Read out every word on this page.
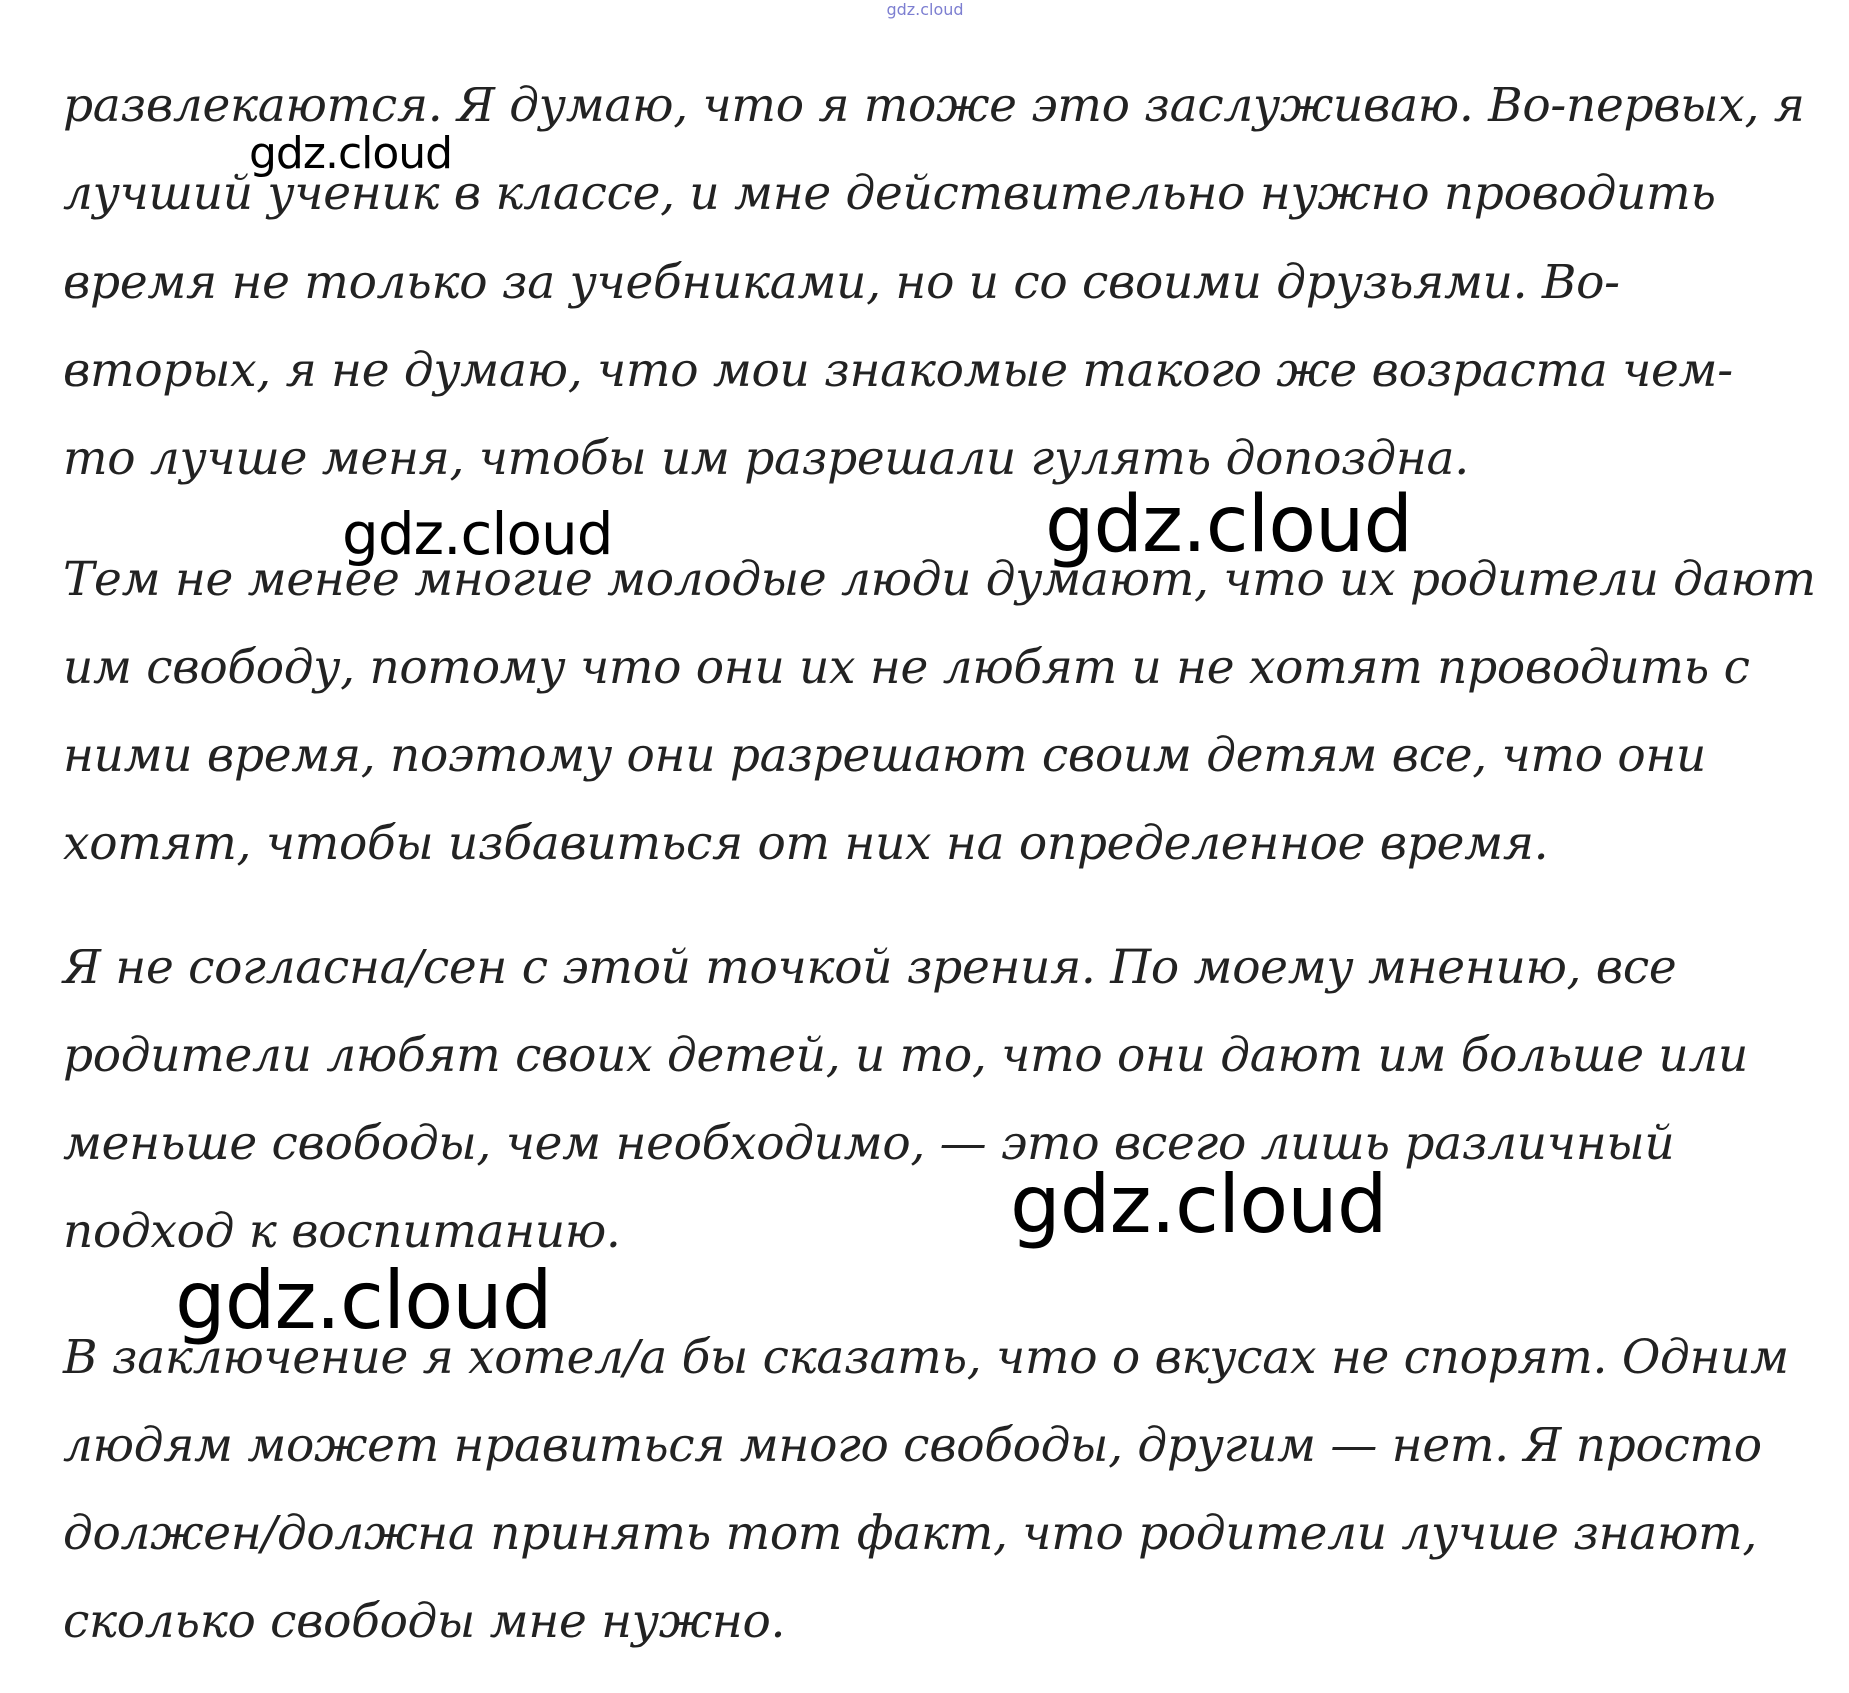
gdz.cloud
развлекаются. Я думаю, что я тоже это заслуживаю. Во-первых, я
лучший ученик в классе, и мне действительно нужно проводить
время не только за учебниками, но и со своими друзьями. Во-
вторых, я не думаю, что мои знакомые такого же возраста чем-
то лучше меня, чтобы им разрешали гулять допоздна.
Тем не менее многие молодые люди думают, что их родители дают
им свободу, потому что они их не любят и не хотят проводить с
ними время, поэтому они разрешают своим детям все, что они
хотят, чтобы избавиться от них на определенное время.
Я не согласна/сен с этой точкой зрения. По моему мнению, все
родители любят своих детей, и то, что они дают им больше или
меньше свободы, чем необходимо, — это всего лишь различный
подход к воспитанию.
В заключение я хотел/а бы сказать, что о вкусах не спорят. Одним
людям может нравиться много свободы, другим — нет. Я просто
должен/должна принять тот факт, что родители лучше знают,
сколько свободы мне нужно.
gdz.cloud
gdz.cloud	gdz.cloud
gdz.cloud
gdz.cloud
